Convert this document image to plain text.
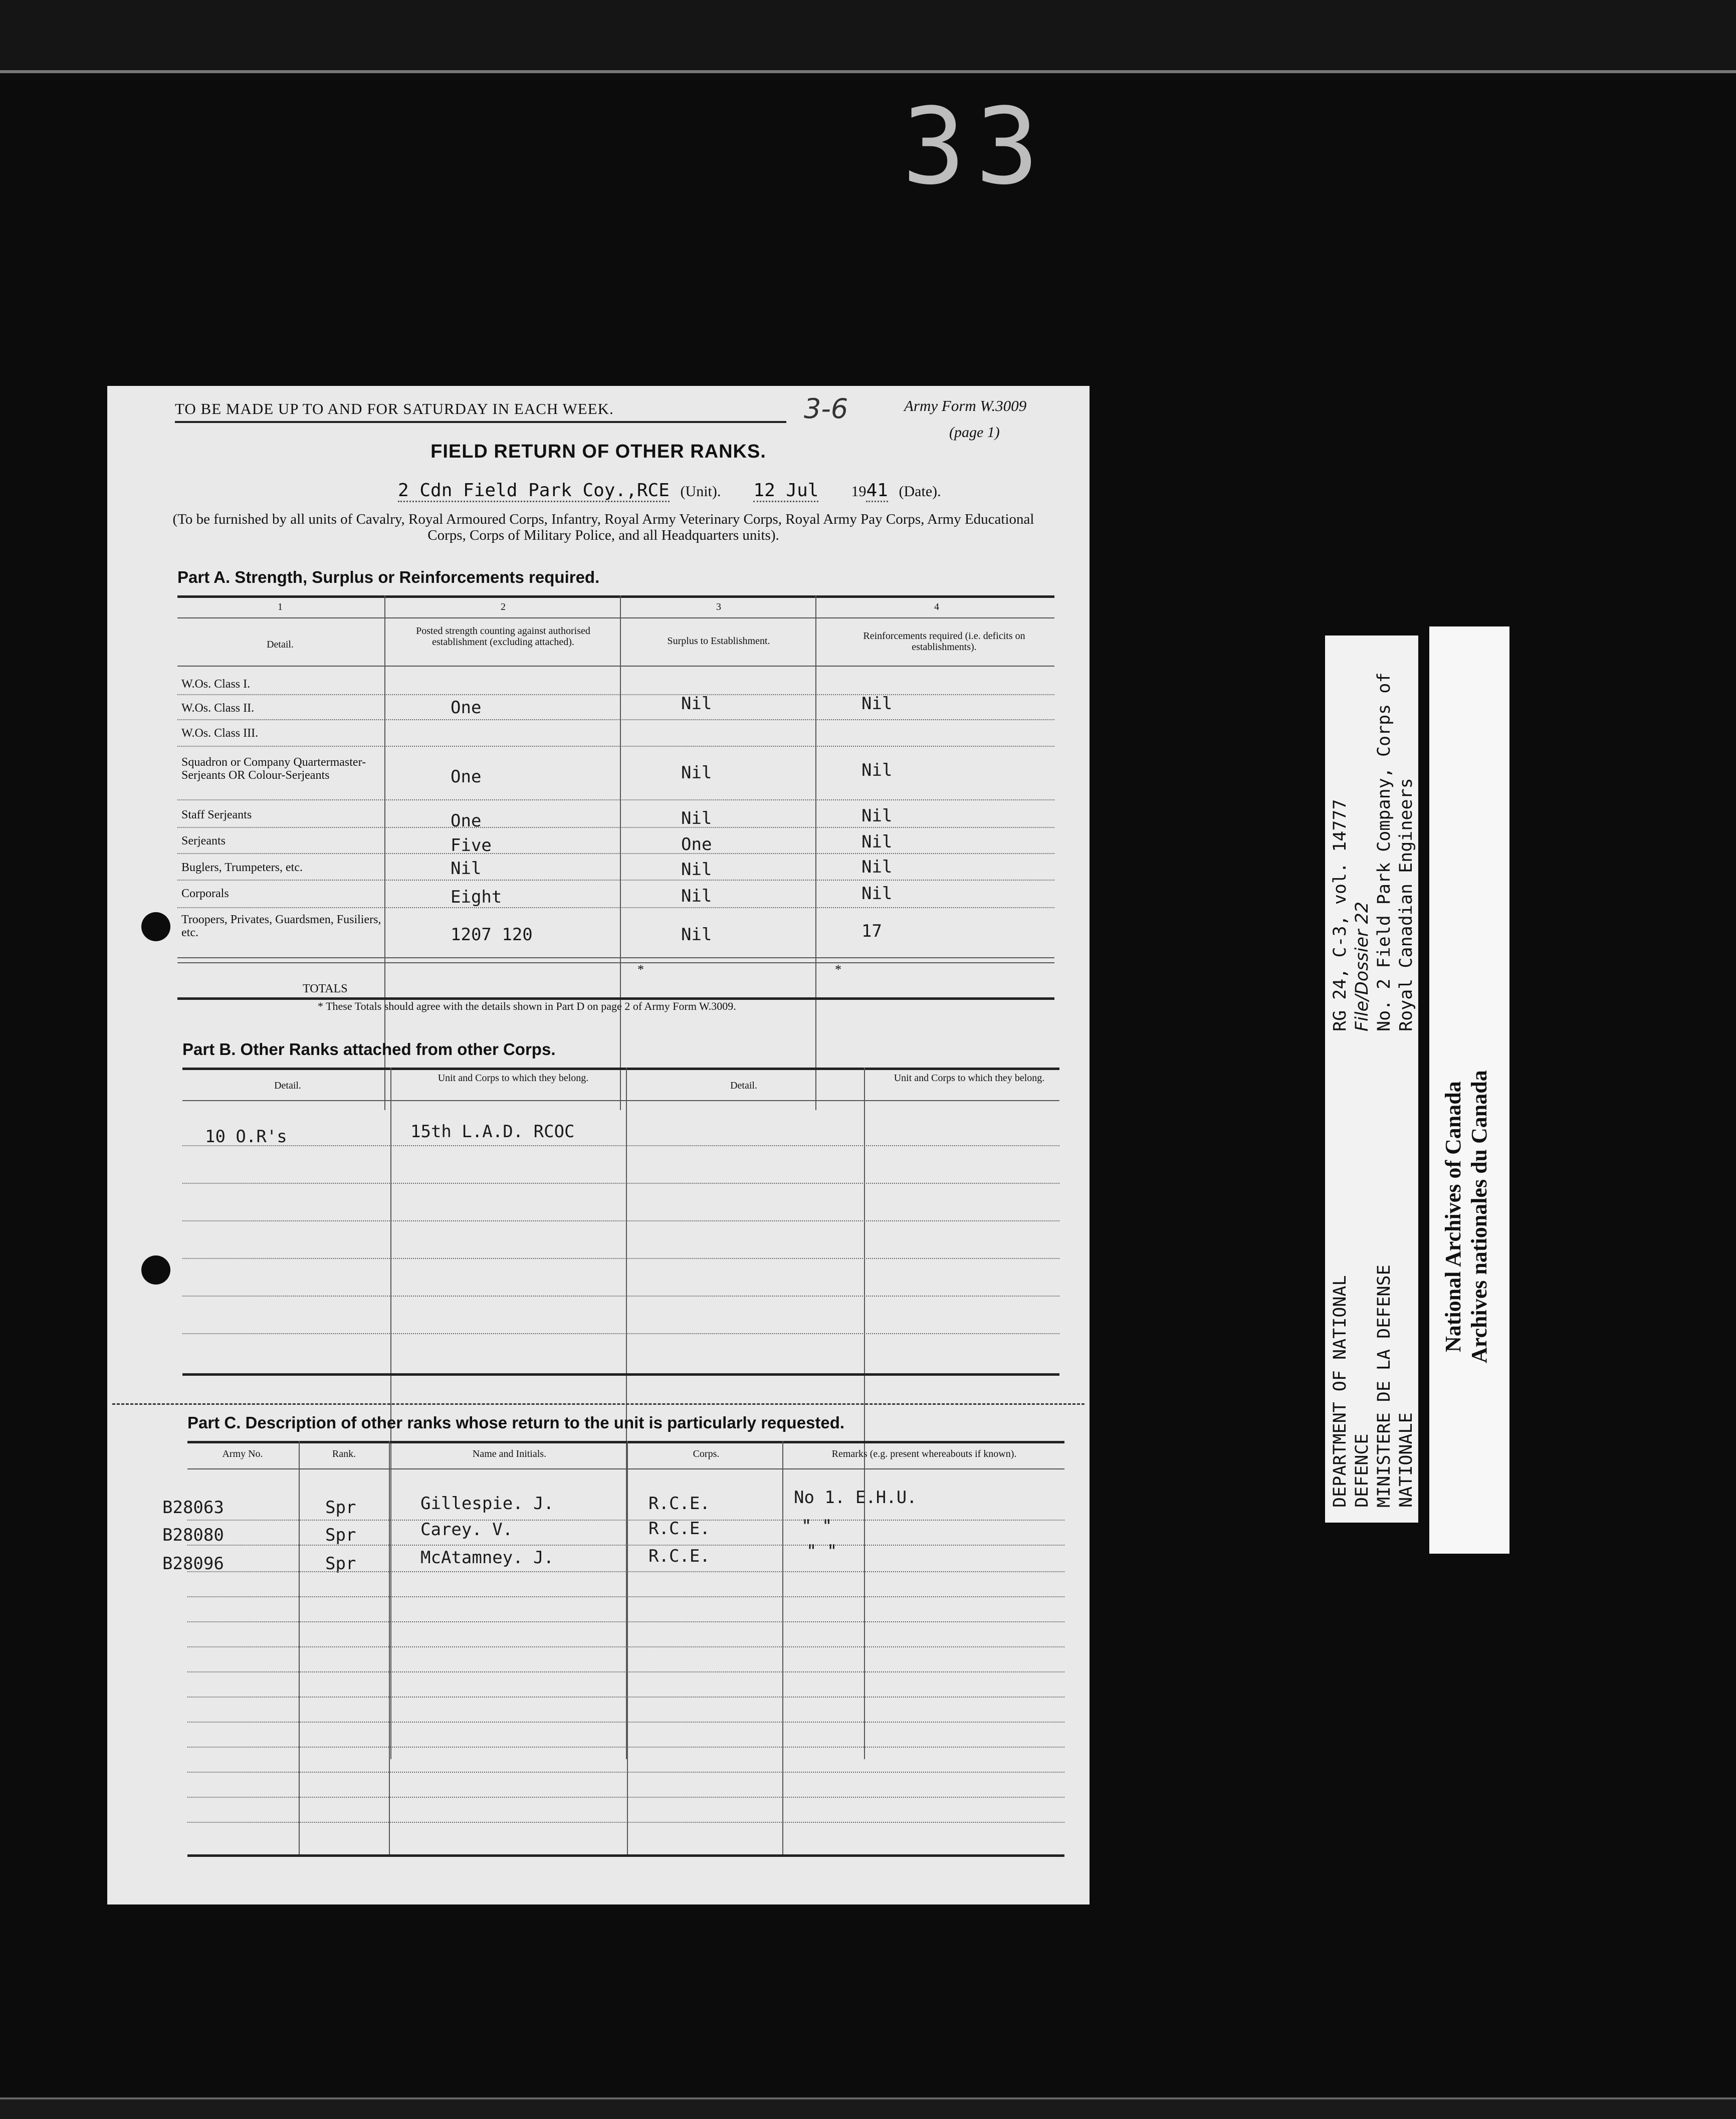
33
TO BE MADE UP TO AND FOR SATURDAY IN EACH WEEK.	3-6	Army Form W.3009
(page 1)
FIELD RETURN OF OTHER RANKS.
2 Cdn Field Park Coy.,RCE (Unit). 12 Jul 1941 (Date).
(To be furnished by all units of Cavalry, Royal Armoured Corps, Infantry, Royal Army Veterinary Corps, Royal Army Pay Corps, Army Educational Corps, Corps of Military Police, and all Headquarters units).
Part A. Strength, Surplus or Reinforcements required.
1	2	3	4
Detail.
Posted strength counting against authorised establishment (excluding attached).	Surplus to Establishment.	Reinforcements required (i.e. deficits on establishments).
W.Os. Class I.
W.Os. Class II.	One	Nil	Nil
W.Os. Class III.
Squadron or Company Quartermaster-Serjeants OR Colour-Serjeants	One	Nil	Nil
Staff Serjeants	One	Nil	Nil
Serjeants	Five	One	Nil
Buglers, Trumpeters, etc.	Nil	Nil	Nil
Corporals	Eight	Nil	Nil
Troopers, Privates, Guardsmen, Fusiliers, etc.	1207 120	Nil	17
*	*
TOTALS
* These Totals should agree with the details shown in Part D on page 2 of Army Form W.3009.
Part B. Other Ranks attached from other Corps.
Detail.
Unit and Corps to which they belong.
Detail.
Unit and Corps to which they belong.
10 O.R's	15th L.A.D. RCOC
Part C. Description of other ranks whose return to the unit is particularly requested.
Army No.	Rank.	Name and Initials.	Corps.	Remarks (e.g. present whereabouts if known).
B28063	Spr	Gillespie. J.	R.C.E.	No 1. E.H.U.
B28080	Spr	Carey. V.	R.C.E.	" "
B28096	Spr	McAtamney. J.	R.C.E.	" "
DEPARTMENT OF NATIONAL DEFENCE MINISTERE DE LA DEFENSE NATIONALE
RG 24, C-3, vol. 14777 File/Dossier 22 No. 2 Field Park Company, Corps of Royal Canadian Engineers
National Archives of Canada Archives nationales du Canada
